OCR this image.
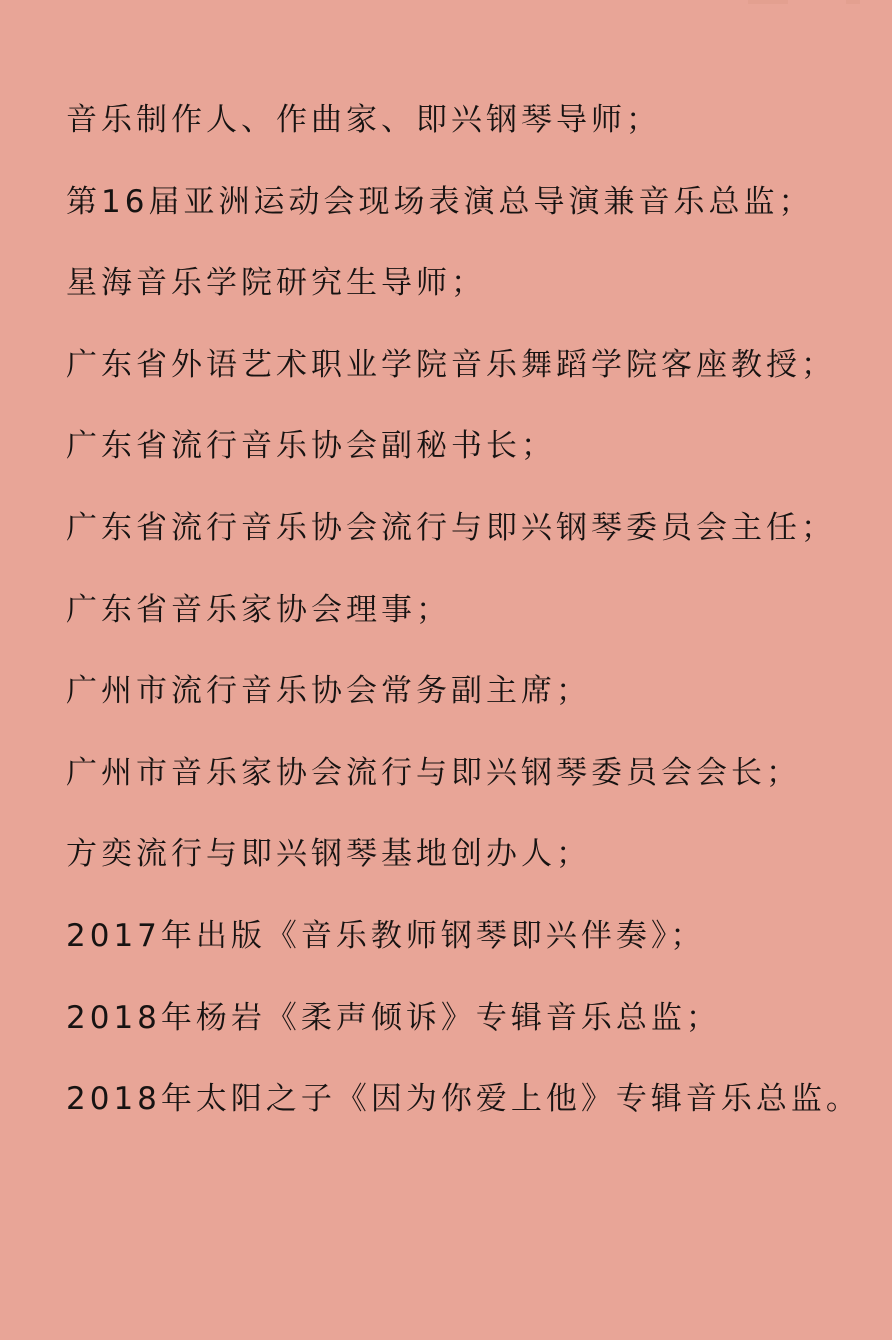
音乐制作人、作曲家、即兴钢琴导师；
第16届亚洲运动会现场表演总导演兼音乐总监；
星海音乐学院研究生导师；
广东省外语艺术职业学院音乐舞蹈学院客座教授；
广东省流行音乐协会副秘书长；
广东省流行音乐协会流行与即兴钢琴委员会主任；
广东省音乐家协会理事；
广州市流行音乐协会常务副主席；
广州市音乐家协会流行与即兴钢琴委员会会长；
方奕流行与即兴钢琴基地创办人；
2017年出版《音乐教师钢琴即兴伴奏》；
2018年杨岩《柔声倾诉》专辑音乐总监；
2018年太阳之子《因为你爱上他》专辑音乐总监。
